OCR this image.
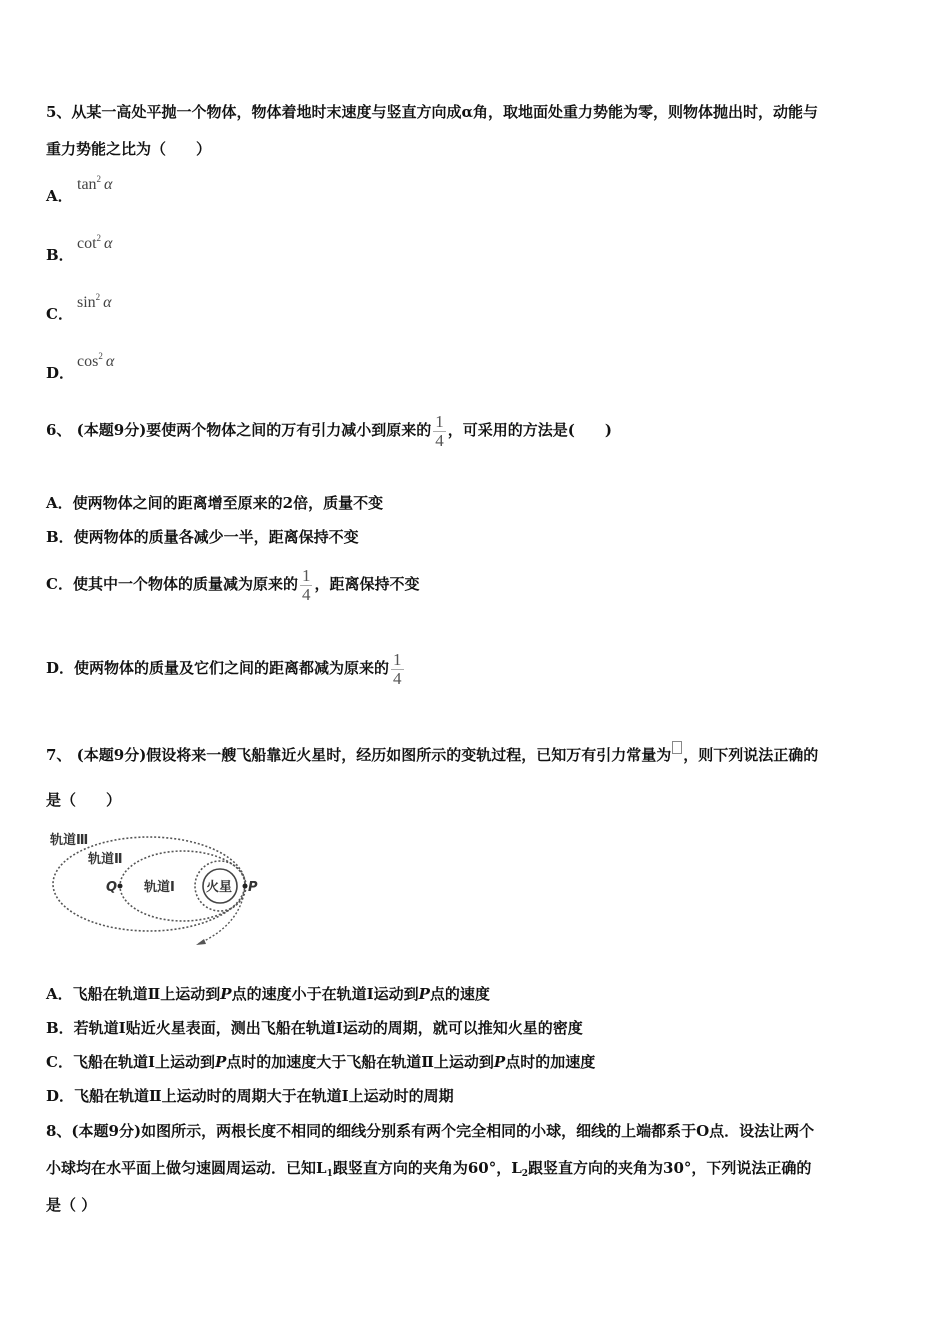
5、从某一高处平抛一个物体，物体着地时末速度与竖直方向成α角，取地面处重力势能为零，则物体抛出时，动能与
重力势能之比为（　　）
A．
$\tan^2 \alpha$
B．
$\cot^2 \alpha$
C．
$\sin^2 \alpha$
D．
$\cos^2 \alpha$
6、 (本题9分)要使两个物体之间的万有引力减小到原来的 $\frac{1}{4}$ ，可采用的方法是(　　)
A．使两物体之间的距离增至原来的2倍，质量不变
B．使两物体的质量各减少一半，距离保持不变
C．使其中一个物体的质量减为原来的 $\frac{1}{4}$ ，距离保持不变
D．使两物体的质量及它们之间的距离都减为原来的 $\frac{1}{4}$
7、 (本题9分)假设将来一艘飞船靠近火星时，经历如图所示的变轨过程，已知万有引力常量为 ，则下列说法正确的
是（　　）
轨道Ⅲ
轨道Ⅱ
轨道Ⅰ 火星
Q	P
A．飞船在轨道Ⅱ上运动到P点的速度小于在轨道Ⅰ运动到P点的速度
B．若轨道Ⅰ贴近火星表面，测出飞船在轨道Ⅰ运动的周期，就可以推知火星的密度
C．飞船在轨道Ⅰ上运动到P点时的加速度大于飞船在轨道Ⅱ上运动到P点时的加速度
D．飞船在轨道Ⅱ上运动时的周期大于在轨道Ⅰ上运动时的周期
8、(本题9分)如图所示，两根长度不相同的细线分别系有两个完全相同的小球，细线的上端都系于O点．设法让两个
小球均在水平面上做匀速圆周运动．已知$L_1$跟竖直方向的夹角为60°，$L_2$跟竖直方向的夹角为30°，下列说法正确的
是（ ）
